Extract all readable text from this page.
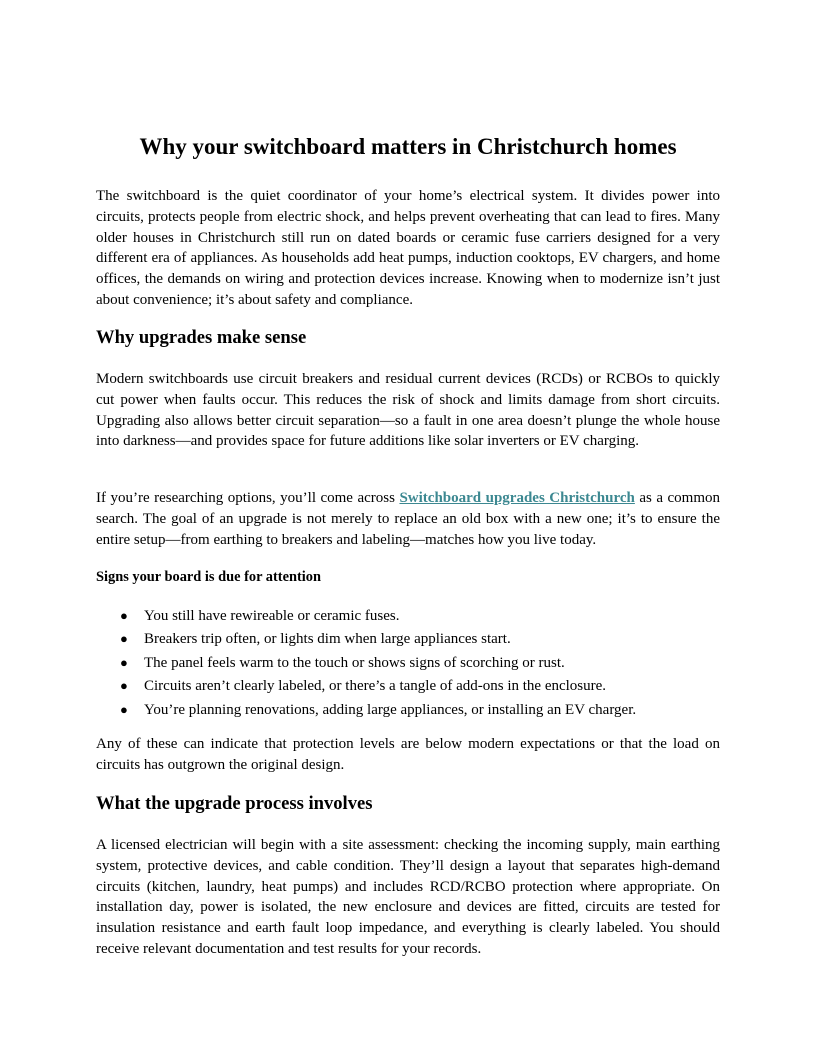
Why your switchboard matters in Christchurch homes

The switchboard is the quiet coordinator of your home’s electrical system. It divides power into circuits, protects people from electric shock, and helps prevent overheating that can lead to fires. Many older houses in Christchurch still run on dated boards or ceramic fuse carriers designed for a very different era of appliances. As households add heat pumps, induction cooktops, EV chargers, and home offices, the demands on wiring and protection devices increase. Knowing when to modernize isn’t just about convenience; it’s about safety and compliance.

Why upgrades make sense

Modern switchboards use circuit breakers and residual current devices (RCDs) or RCBOs to quickly cut power when faults occur. This reduces the risk of shock and limits damage from short circuits. Upgrading also allows better circuit separation—so a fault in one area doesn’t plunge the whole house into darkness—and provides space for future additions like solar inverters or EV charging.

If you’re researching options, you’ll come across Switchboard upgrades Christchurch as a common search. The goal of an upgrade is not merely to replace an old box with a new one; it’s to ensure the entire setup—from earthing to breakers and labeling—matches how you live today.

Signs your board is due for attention
● You still have rewireable or ceramic fuses.
● Breakers trip often, or lights dim when large appliances start.
● The panel feels warm to the touch or shows signs of scorching or rust.
● Circuits aren’t clearly labeled, or there’s a tangle of add-ons in the enclosure.
● You’re planning renovations, adding large appliances, or installing an EV charger.

Any of these can indicate that protection levels are below modern expectations or that the load on circuits has outgrown the original design.

What the upgrade process involves

A licensed electrician will begin with a site assessment: checking the incoming supply, main earthing system, protective devices, and cable condition. They’ll design a layout that separates high-demand circuits (kitchen, laundry, heat pumps) and includes RCD/RCBO protection where appropriate. On installation day, power is isolated, the new enclosure and devices are fitted, circuits are tested for insulation resistance and earth fault loop impedance, and everything is clearly labeled. You should receive relevant documentation and test results for your records.
